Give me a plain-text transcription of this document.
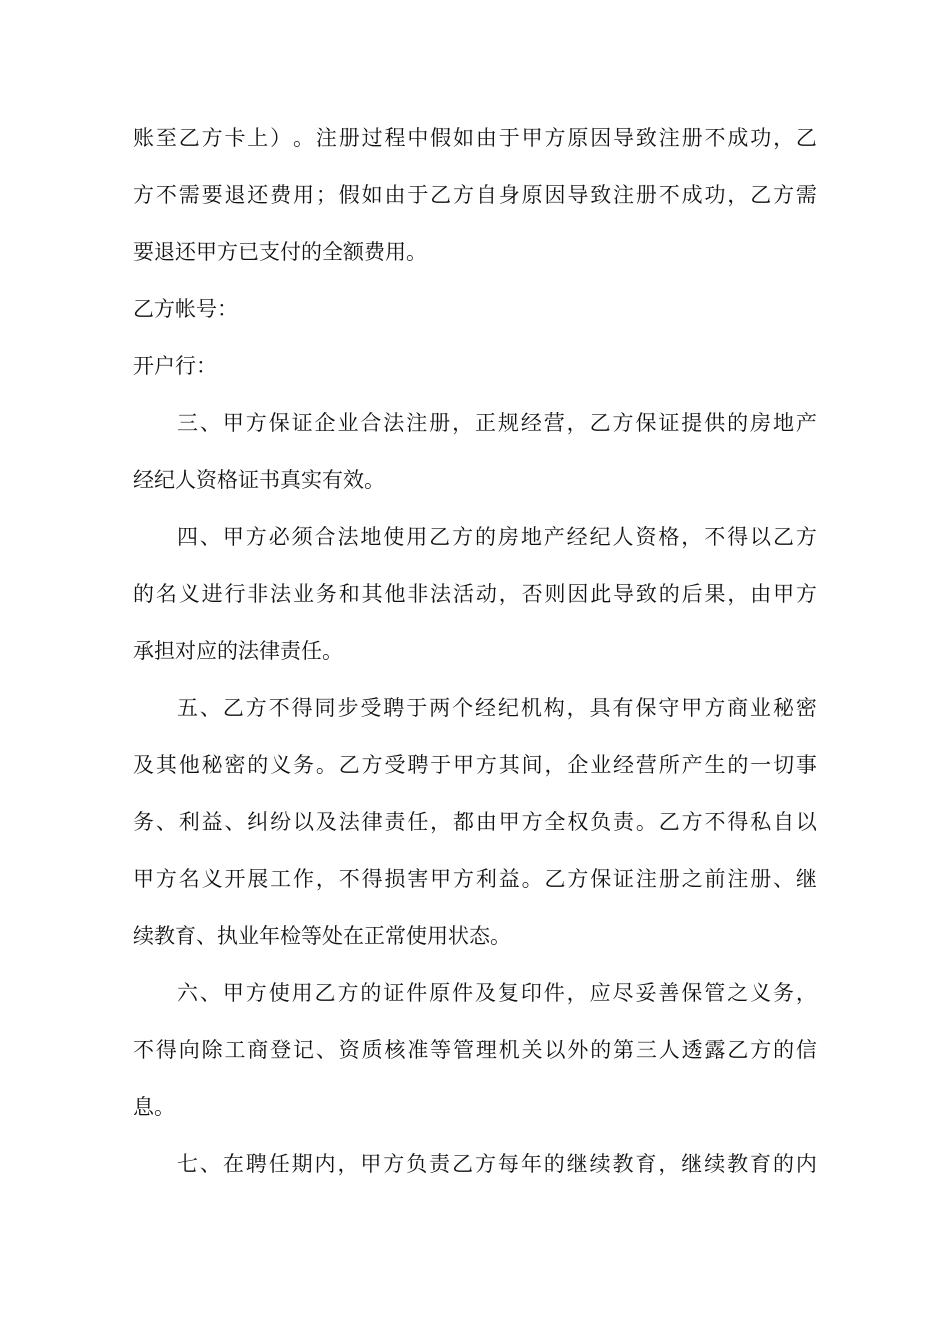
账 至 乙 方 卡 上 ） 。 注 册 过 程 中 假 如 由 于 甲 方 原 因 导 致 注 册 不 成 功 ， 乙
方 不 需 要 退 还 费 用 ； 假 如 由 于 乙 方 自 身 原 因 导 致 注 册 不 成 功 ， 乙 方 需
要退还甲方已支付的全额费用。
乙方帐号：
开户行：
三 、 甲 方 保 证 企 业 合 法 注 册 ， 正 规 经 营 ， 乙 方 保 证 提 供 的 房 地 产
经纪人资格证书真实有效。
四 、 甲 方 必 须 合 法 地 使 用 乙 方 的 房 地 产 经 纪 人 资 格 ， 不 得 以 乙 方
的 名 义 进 行 非 法 业 务 和 其 他 非 法 活 动 ， 否 则 因 此 导 致 的 后 果 ， 由 甲 方
承担对应的法律责任。
五 、 乙 方 不 得 同 步 受 聘 于 两 个 经 纪 机 构 ， 具 有 保 守 甲 方 商 业 秘 密
及 其 他 秘 密 的 义 务 。 乙 方 受 聘 于 甲 方 其 间 ， 企 业 经 营 所 产 生 的 一 切 事
务 、 利 益 、 纠 纷 以 及 法 律 责 任 ， 都 由 甲 方 全 权 负 责 。 乙 方 不 得 私 自 以
甲 方 名 义 开 展 工 作 ， 不 得 损 害 甲 方 利 益 。 乙 方 保 证 注 册 之 前 注 册 、 继
续教育、执业年检等处在正常使用状态。
六 、 甲 方 使 用 乙 方 的 证 件 原 件 及 复 印 件 ， 应 尽 妥 善 保 管 之 义 务 ，
不 得 向 除 工 商 登 记 、 资 质 核 准 等 管 理 机 关 以 外 的 第 三 人 透 露 乙 方 的 信
息。
七 、 在 聘 任 期 内 ， 甲 方 负 责 乙 方 每 年 的 继 续 教 育 ， 继 续 教 育 的 内
